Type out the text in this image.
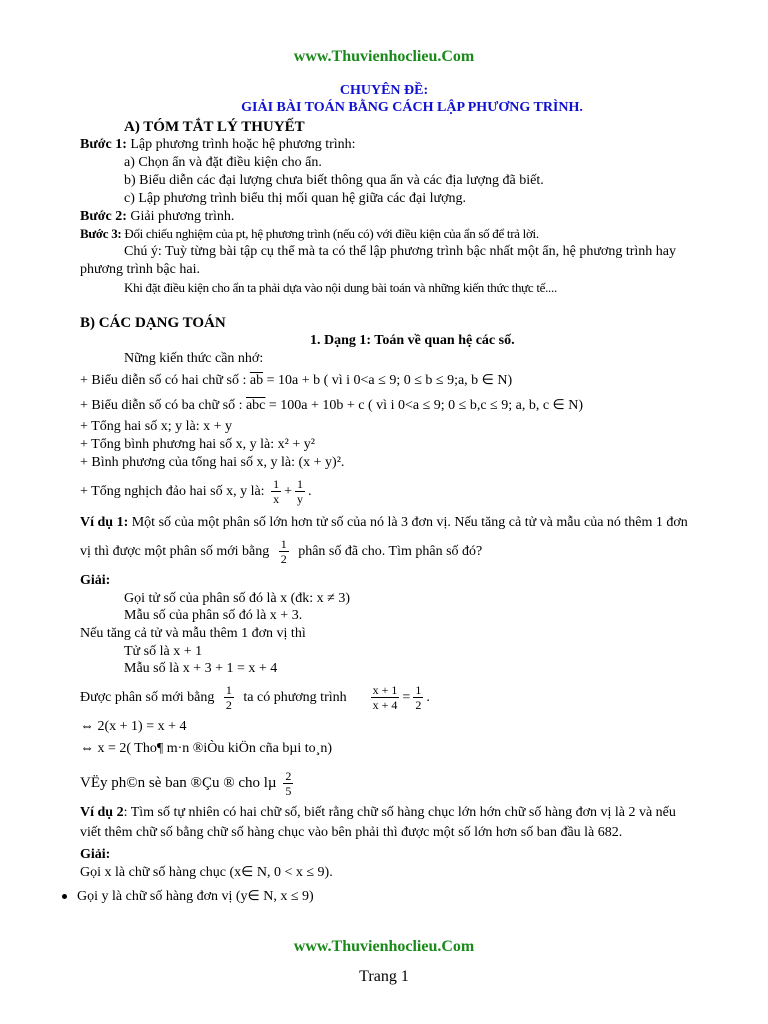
www.Thuvienhoclieu.Com
CHUYÊN ĐỀ:
GIẢI BÀI TOÁN BẰNG CÁCH LẬP PHƯƠNG TRÌNH.
A) TÓM TẮT LÝ THUYẾT
Bước 1: Lập phương trình hoặc hệ phương trình:
a) Chọn ẩn và đặt điều kiện cho ẩn.
b) Biểu diễn các đại lượng chưa biết thông qua ẩn và các địa lượng đã biết.
c) Lập phương trình biểu thị mối quan hệ giữa các đại lượng.
Bước 2: Giải phương trình.
Bước 3: Đối chiếu nghiệm của pt, hệ phương trình (nếu có) với điều kiện của ẩn số để trả lời.
Chú ý: Tuỳ từng bài tập cụ thể mà ta có thể lập phương trình bậc nhất một ẩn, hệ phương trình hay
phương trình bậc hai.
Khi đặt điều kiện cho ẩn ta phải dựa vào nội dung bài toán và những kiến thức thực tế....
B) CÁC DẠNG TOÁN
1. Dạng 1: Toán về quan hệ các số.
Nững kiến thức cần nhớ:
+ Biểu diễn số có hai chữ số : $\overline{ab} = 10a + b$ ( vì i 0<a ≤ 9; 0 ≤ b ≤ 9;a, b ∈ N)
+ Biểu diễn số có ba chữ số : $\overline{abc} = 100a + 10b + c$ ( vì i 0<a ≤ 9; 0 ≤ b,c ≤ 9; a, b, c ∈ N)
+ Tổng hai số x; y là: x + y
+ Tổng bình phương hai số x, y là: x² + y²
+ Bình phương của tổng hai số x, y là: (x + y)².
+ Tổng nghịch đảo hai số x, y là: $\frac{1}{x} + \frac{1}{y}$ .
Ví dụ 1: Một số của một phân số lớn hơn tử số của nó là 3 đơn vị. Nếu tăng cả tử và mẫu của nó thêm 1 đơn
vị thì được một phân số mới bằng $\frac{1}{2}$ phân số đã cho. Tìm phân số đó?
Giải:
Gọi tử số của phân số đó là x (đk: x ≠ 3)
Mẫu số của phân số đó là x + 3.
Nếu tăng cả tử và mẫu thêm 1 đơn vị thì
Tử số là x + 1
Mẫu số là x + 3 + 1 = x + 4
Được phân số mới bằng $\frac{1}{2}$ ta có phương trình $\frac{x + 1}{x + 4} = \frac{1}{2}$ .
⇔ 2(x + 1) = x + 4
⇔ x = 2( Tho¶ m·n ®iÒu kiÖn cña bµi to¸n)
VËy ph©n sè ban ®Çu ® cho lµ $\frac{2}{5}$
Ví dụ 2: Tìm số tự nhiên có hai chữ số, biết rằng chữ số hàng chục lớn hớn chữ số hàng đơn vị là 2 và nếu
viết thêm chữ số bằng chữ số hàng chục vào bên phải thì được một số lớn hơn số ban đầu là 682.
Giải:
Gọi x là chữ số hàng chục (x∈ N, 0 < x ≤ 9).
Gọi y là chữ số hàng đơn vị (y∈ N, x ≤ 9)
www.Thuvienhoclieu.Com
Trang 1
